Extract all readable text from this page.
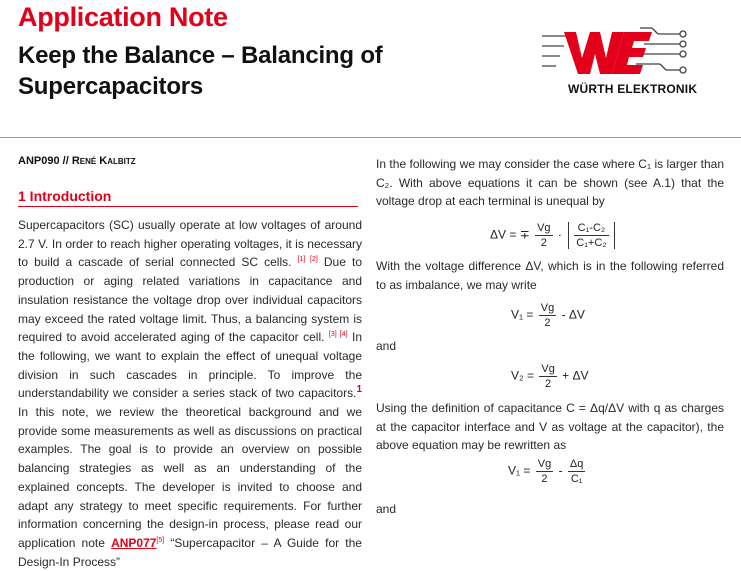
Application Note
Keep the Balance – Balancing of
Supercapacitors	WÜRTH ELEKTRONIK
ANP090 // René Kalbitz
1 Introduction
Supercapacitors (SC) usually operate at low voltages of around 2.7 V. In order to reach higher operating voltages, it is necessary to build a cascade of serial connected SC cells. [1] [2] Due to production or aging related variations in capacitance and insulation resistance the voltage drop over individual capacitors may exceed the rated voltage limit. Thus, a balancing system is required to avoid accelerated aging of the capacitor cell. [3] [4] In the following, we want to explain the effect of unequal voltage division in such cascades in principle. To improve the understandability we consider a series stack of two capacitors.$^1$ In this note, we review the theoretical background and we provide some measurements as well as discussions on practical examples. The goal is to provide an overview on possible balancing strategies as well as an understanding of the explained concepts. The developer is invited to choose and adapt any strategy to meet specific requirements. For further information concerning the design-in process, please read our application note ANP077[5] “Supercapacitor – A Guide for the Design-In Process”
In the following we may consider the case where C₁ is larger than C₂. With above equations it can be shown (see A.1) that the voltage drop at each terminal is unequal by
ΔV = ∓ $\frac{Vg}{2} \cdot \frac{\text{C₁-C₂}}{\text{C₁+C₂}}$
With the voltage difference ΔV, which is in the following referred to as imbalance, we may write
$V_1 = \frac{Vg}{2} - \Delta V$
and
$V_2 = \frac{Vg}{2} + \Delta V$
Using the definition of capacitance C = Δq/ΔV with q as charges at the capacitor interface and V as voltage at the capacitor), the above equation may be rewritten as
$V_1 = \frac{Vg}{2} - \frac{\Delta q}{\text{C₁}}$
and
